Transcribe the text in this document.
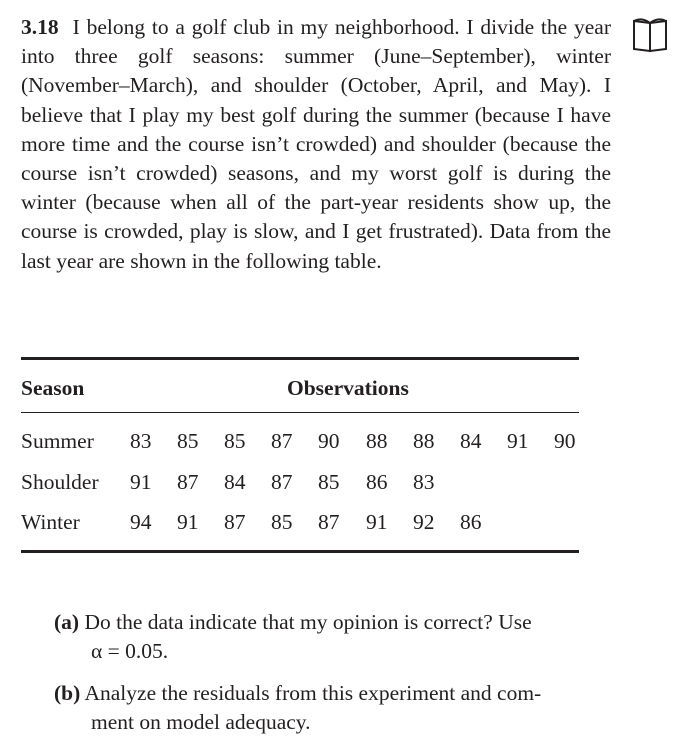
3.18 I belong to a golf club in my neighborhood. I divide the year into three golf seasons: summer (June–September), winter (November–March), and shoulder (October, April, and May). I believe that I play my best golf during the summer (because I have more time and the course isn’t crowded) and shoulder (because the course isn’t crowded) seasons, and my worst golf is during the winter (because when all of the part-year residents show up, the course is crowded, play is slow, and I get frustrated). Data from the last year are shown in the following table.

Season	Observations
Summer 83	85	85	87	90	88	88	84	91	90
Shoulder 91	87	84	87	85	86	83
Winter 94	91	87	85	87	91	92	86
(a) Do the data indicate that my opinion is correct? Use
α = 0.05.
(b) Analyze the residuals from this experiment and com-
ment on model adequacy.
